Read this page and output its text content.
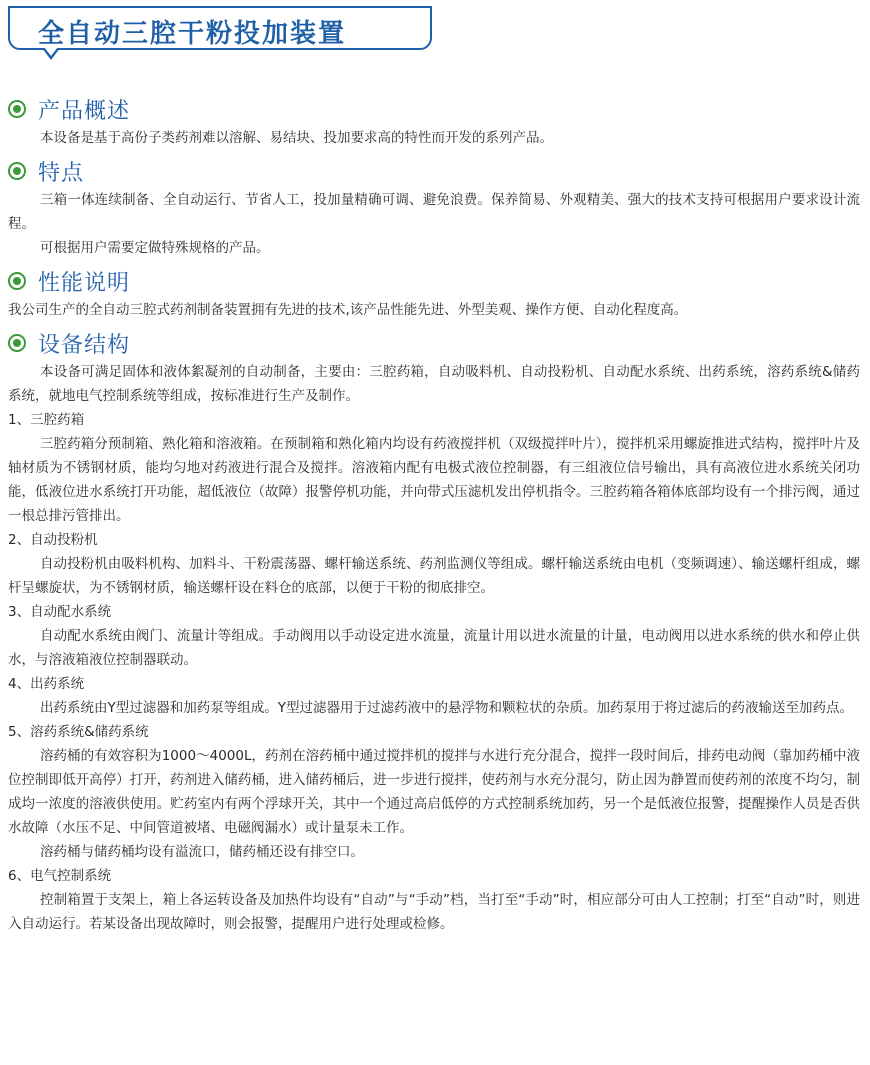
全自动三腔干粉投加装置
产品概述

本设备是基于高份子类药剂难以溶解、易结块、投加要求高的特性而开发的系列产品。

特点

三箱一体连续制备、全自动运行、节省人工，投加量精确可调、避免浪费。保养简易、外观精美、强大的技术支持可根据用户要求设计流程。

可根据用户需要定做特殊规格的产品。

性能说明

我公司生产的全自动三腔式药剂制备装置拥有先进的技术,该产品性能先进、外型美观、操作方便、自动化程度高。

设备结构

本设备可满足固体和液体絮凝剂的自动制备，主要由：三腔药箱，自动吸料机、自动投粉机、自动配水系统、出药系统，溶药系统&储药系统，就地电气控制系统等组成，按标准进行生产及制作。

1、三腔药箱

三腔药箱分预制箱、熟化箱和溶液箱。在预制箱和熟化箱内均设有药液搅拌机（双级搅拌叶片），搅拌机采用螺旋推进式结构，搅拌叶片及轴材质为不锈钢材质，能均匀地对药液进行混合及搅拌。溶液箱内配有电极式液位控制器，有三组液位信号输出，具有高液位进水系统关闭功能，低液位进水系统打开功能，超低液位（故障）报警停机功能，并向带式压滤机发出停机指令。三腔药箱各箱体底部均设有一个排污阀，通过一根总排污管排出。

2、自动投粉机

自动投粉机由吸料机构、加料斗、干粉震荡器、螺杆输送系统、药剂监测仪等组成。螺杆输送系统由电机（变频调速）、输送螺杆组成，螺杆呈螺旋状，为不锈钢材质，输送螺杆设在料仓的底部，以便于干粉的彻底排空。

3、自动配水系统

自动配水系统由阀门、流量计等组成。手动阀用以手动设定进水流量，流量计用以进水流量的计量，电动阀用以进水系统的供水和停止供水，与溶液箱液位控制器联动。

4、出药系统

出药系统由Y型过滤器和加药泵等组成。Y型过滤器用于过滤药液中的悬浮物和颗粒状的杂质。加药泵用于将过滤后的药液输送至加药点。

5、溶药系统&储药系统

溶药桶的有效容积为1000～4000L，药剂在溶药桶中通过搅拌机的搅拌与水进行充分混合，搅拌一段时间后，排药电动阀（靠加药桶中液位控制即低开高停）打开，药剂进入储药桶，进入储药桶后，进一步进行搅拌，使药剂与水充分混匀，防止因为静置而使药剂的浓度不均匀，制成均一浓度的溶液供使用。贮药室内有两个浮球开关，其中一个通过高启低停的方式控制系统加药，另一个是低液位报警，提醒操作人员是否供水故障（水压不足、中间管道被堵、电磁阀漏水）或计量泵未工作。

溶药桶与储药桶均设有溢流口，储药桶还设有排空口。

6、电气控制系统

控制箱置于支架上，箱上各运转设备及加热件均设有“自动”与“手动”档，当打至“手动”时，相应部分可由人工控制；打至“自动”时，则进入自动运行。若某设备出现故障时，则会报警，提醒用户进行处理或检修。
